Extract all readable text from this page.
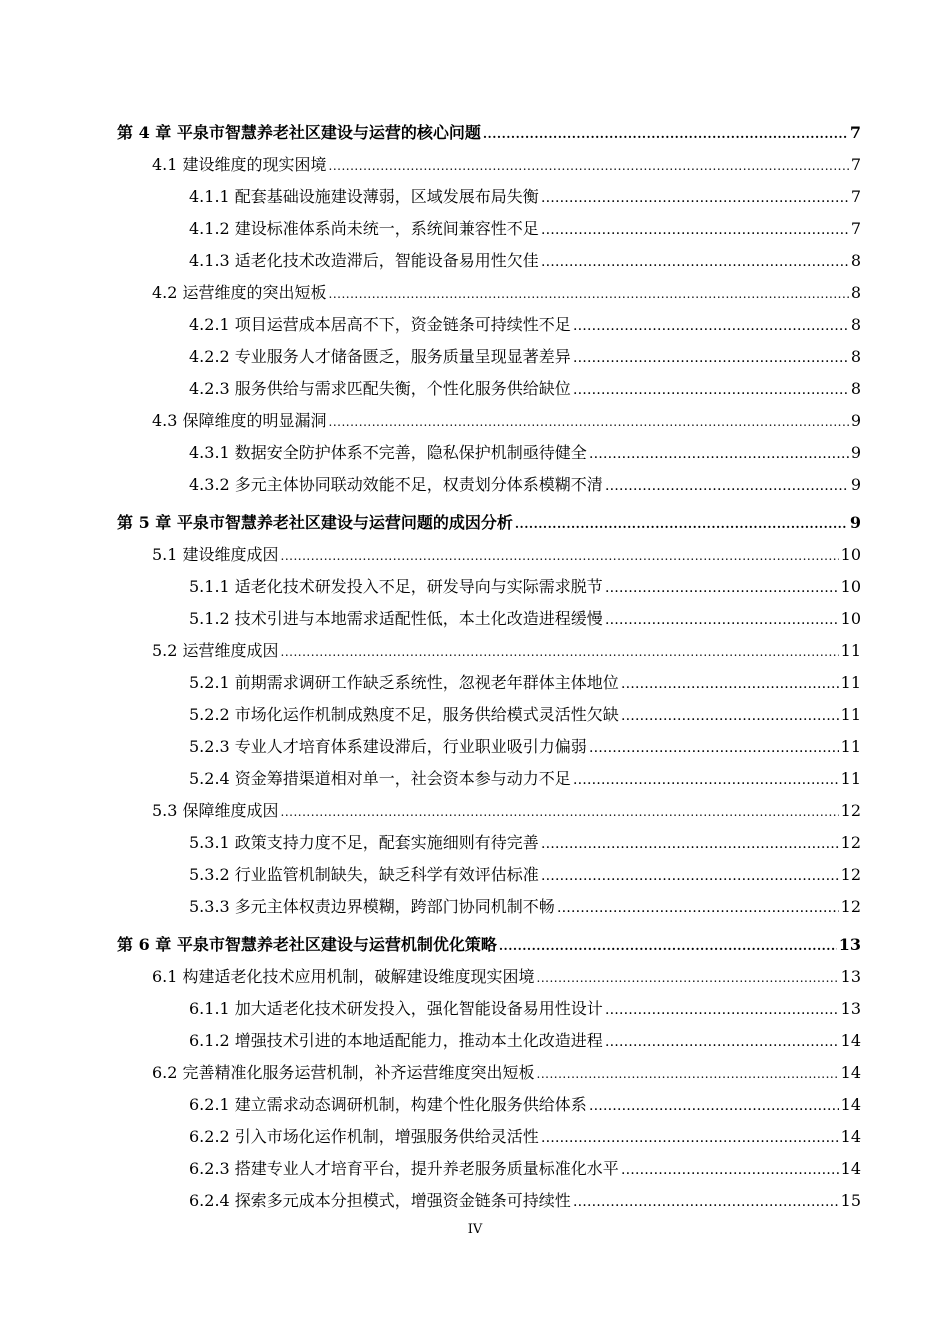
第 4 章 平泉市智慧养老社区建设与运营的核心问题 .....	7
4.1 建设维度的现实困境 .....	7
4.1.1 配套基础设施建设薄弱，区域发展布局失衡 …………………………………………………………………………………………………………………………………	7
4.1.2 建设标准体系尚未统一，系统间兼容性不足 …………………………………………………………………………………………………………………………………	7
4.1.3 适老化技术改造滞后，智能设备易用性欠佳 …………………………………………………………………………………………………………………………………	8
4.2 运营维度的突出短板 .....	8
4.2.1 项目运营成本居高不下，资金链条可持续性不足 …………………………………………………………………………………………………………………………………	8
4.2.2 专业服务人才储备匮乏，服务质量呈现显著差异 …………………………………………………………………………………………………………………………………	8
4.2.3 服务供给与需求匹配失衡，个性化服务供给缺位 …………………………………………………………………………………………………………………………………	8
4.3 保障维度的明显漏洞 .....	9
4.3.1 数据安全防护体系不完善，隐私保护机制亟待健全 …………………………………………………………………………………………………………………………………	9
4.3.2 多元主体协同联动效能不足，权责划分体系模糊不清 …………………………………………………………………………………………………………………………………	9
第 5 章 平泉市智慧养老社区建设与运营问题的成因分析 .....	9
5.1 建设维度成因 .....	10
5.1.1 适老化技术研发投入不足，研发导向与实际需求脱节 …………………………………………………………………………………………………………………………………	10
5.1.2 技术引进与本地需求适配性低，本土化改造进程缓慢 …………………………………………………………………………………………………………………………………	10
5.2 运营维度成因 .....	11
5.2.1 前期需求调研工作缺乏系统性，忽视老年群体主体地位 …………………………………………………………………………………………………………………………………	11
5.2.2 市场化运作机制成熟度不足，服务供给模式灵活性欠缺 …………………………………………………………………………………………………………………………………	11
5.2.3 专业人才培育体系建设滞后，行业职业吸引力偏弱 …………………………………………………………………………………………………………………………………	11
5.2.4 资金筹措渠道相对单一，社会资本参与动力不足 …………………………………………………………………………………………………………………………………	11
5.3 保障维度成因 .....	12
5.3.1 政策支持力度不足，配套实施细则有待完善 …………………………………………………………………………………………………………………………………	12
5.3.2 行业监管机制缺失，缺乏科学有效评估标准 …………………………………………………………………………………………………………………………………	12
5.3.3 多元主体权责边界模糊，跨部门协同机制不畅 …………………………………………………………………………………………………………………………………	12
第 6 章 平泉市智慧养老社区建设与运营机制优化策略 .....	13
6.1 构建适老化技术应用机制，破解建设维度现实困境 .....	13
6.1.1 加大适老化技术研发投入，强化智能设备易用性设计 …………………………………………………………………………………………………………………………………	13
6.1.2 增强技术引进的本地适配能力，推动本土化改造进程 …………………………………………………………………………………………………………………………………	14
6.2 完善精准化服务运营机制，补齐运营维度突出短板 .....	14
6.2.1 建立需求动态调研机制，构建个性化服务供给体系 …………………………………………………………………………………………………………………………………	14
6.2.2 引入市场化运作机制，增强服务供给灵活性 …………………………………………………………………………………………………………………………………	14
6.2.3 搭建专业人才培育平台，提升养老服务质量标准化水平 …………………………………………………………………………………………………………………………………	14
6.2.4 探索多元成本分担模式，增强资金链条可持续性 …………………………………………………………………………………………………………………………………	15
IV
